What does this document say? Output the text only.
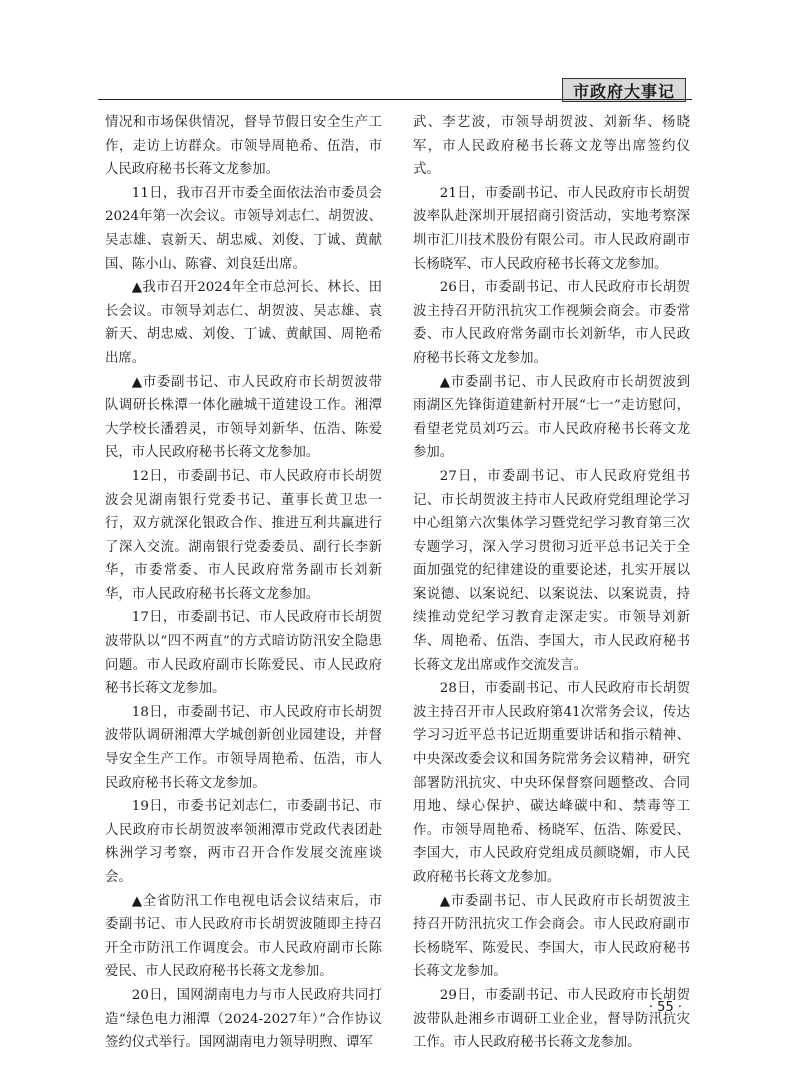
市政府大事记

情况和市场保供情况，督导节假日安全生产工作，走访上访群众。市领导周艳希、伍浩，市人民政府秘书长蒋文龙参加。

11日，我市召开市委全面依法治市委员会2024年第一次会议。市领导刘志仁、胡贺波、吴志雄、袁新天、胡忠威、刘俊、丁诚、黄献国、陈小山、陈睿、刘良廷出席。

▲我市召开2024年全市总河长、林长、田长会议。市领导刘志仁、胡贺波、吴志雄、袁新天、胡忠威、刘俊、丁诚、黄献国、周艳希出席。

▲市委副书记、市人民政府市长胡贺波带队调研长株潭一体化融城干道建设工作。湘潭大学校长潘碧灵，市领导刘新华、伍浩、陈爱民，市人民政府秘书长蒋文龙参加。

12日，市委副书记、市人民政府市长胡贺波会见湖南银行党委书记、董事长黄卫忠一行，双方就深化银政合作、推进互利共赢进行了深入交流。湖南银行党委委员、副行长李新华，市委常委、市人民政府常务副市长刘新华，市人民政府秘书长蒋文龙参加。

17日，市委副书记、市人民政府市长胡贺波带队以“四不两直”的方式暗访防汛安全隐患问题。市人民政府副市长陈爱民、市人民政府秘书长蒋文龙参加。

18日，市委副书记、市人民政府市长胡贺波带队调研湘潭大学城创新创业园建设，并督导安全生产工作。市领导周艳希、伍浩，市人民政府秘书长蒋文龙参加。

19日，市委书记刘志仁，市委副书记、市人民政府市长胡贺波率领湘潭市党政代表团赴株洲学习考察，两市召开合作发展交流座谈会。

▲全省防汛工作电视电话会议结束后，市委副书记、市人民政府市长胡贺波随即主持召开全市防汛工作调度会。市人民政府副市长陈爱民、市人民政府秘书长蒋文龙参加。

20日，国网湖南电力与市人民政府共同打造“绿色电力湘潭（2024-2027年）”合作协议签约仪式举行。国网湖南电力领导明煦、谭军

武、李艺波，市领导胡贺波、刘新华、杨晓军，市人民政府秘书长蒋文龙等出席签约仪式。

21日，市委副书记、市人民政府市长胡贺波率队赴深圳开展招商引资活动，实地考察深圳市汇川技术股份有限公司。市人民政府副市长杨晓军、市人民政府秘书长蒋文龙参加。

26日，市委副书记、市人民政府市长胡贺波主持召开防汛抗灾工作视频会商会。市委常委、市人民政府常务副市长刘新华，市人民政府秘书长蒋文龙参加。

▲市委副书记、市人民政府市长胡贺波到雨湖区先锋街道建新村开展“七一”走访慰问，看望老党员刘巧云。市人民政府秘书长蒋文龙参加。

27日，市委副书记、市人民政府党组书记、市长胡贺波主持市人民政府党组理论学习中心组第六次集体学习暨党纪学习教育第三次专题学习，深入学习贯彻习近平总书记关于全面加强党的纪律建设的重要论述，扎实开展以案说德、以案说纪、以案说法、以案说责，持续推动党纪学习教育走深走实。市领导刘新华、周艳希、伍浩、李国大，市人民政府秘书长蒋文龙出席或作交流发言。

28日，市委副书记、市人民政府市长胡贺波主持召开市人民政府第41次常务会议，传达学习习近平总书记近期重要讲话和指示精神、中央深改委会议和国务院常务会议精神，研究部署防汛抗灾、中央环保督察问题整改、合同用地、绿心保护、碳达峰碳中和、禁毒等工作。市领导周艳希、杨晓军、伍浩、陈爱民、李国大，市人民政府党组成员颜晓媚，市人民政府秘书长蒋文龙参加。

▲市委副书记、市人民政府市长胡贺波主持召开防汛抗灾工作会商会。市人民政府副市长杨晓军、陈爱民、李国大，市人民政府秘书长蒋文龙参加。

29日，市委副书记、市人民政府市长胡贺波带队赴湘乡市调研工业企业，督导防汛抗灾工作。市人民政府秘书长蒋文龙参加。

· 55 ·
